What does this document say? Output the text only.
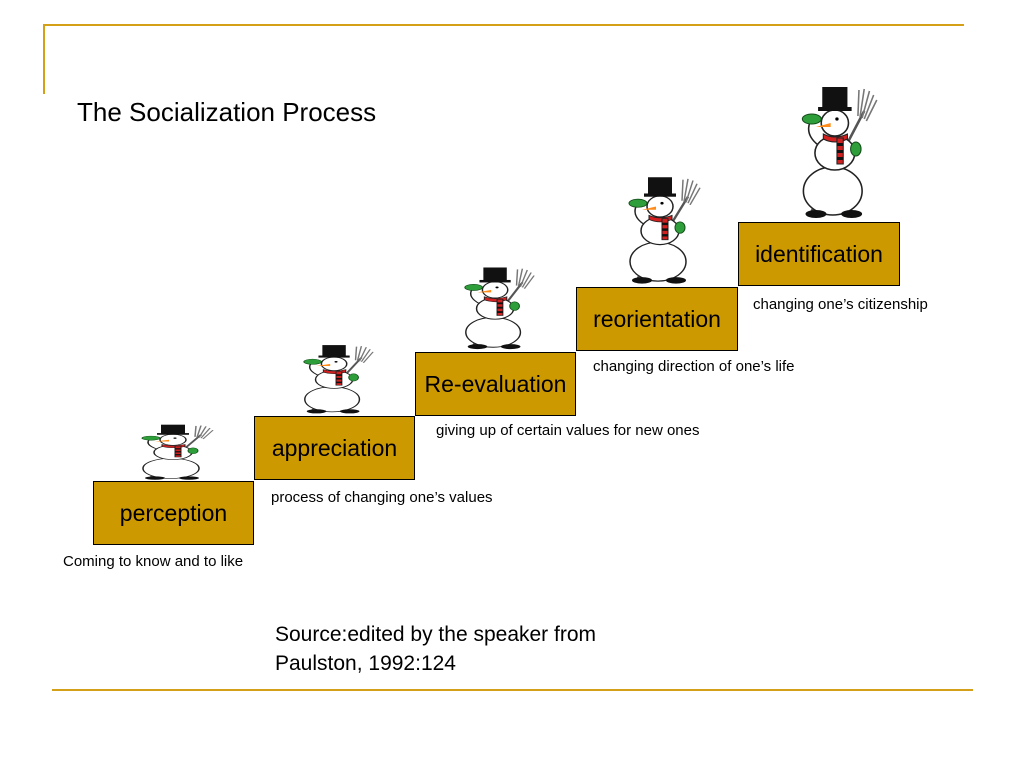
The Socialization Process
perception
Coming to know and to like
appreciation
process of changing one’s values
Re-evaluation
giving up of certain values for new ones
reorientation
changing direction of one’s life
identification
changing one’s citizenship
Source:edited by the speaker from
Paulston, 1992:124
